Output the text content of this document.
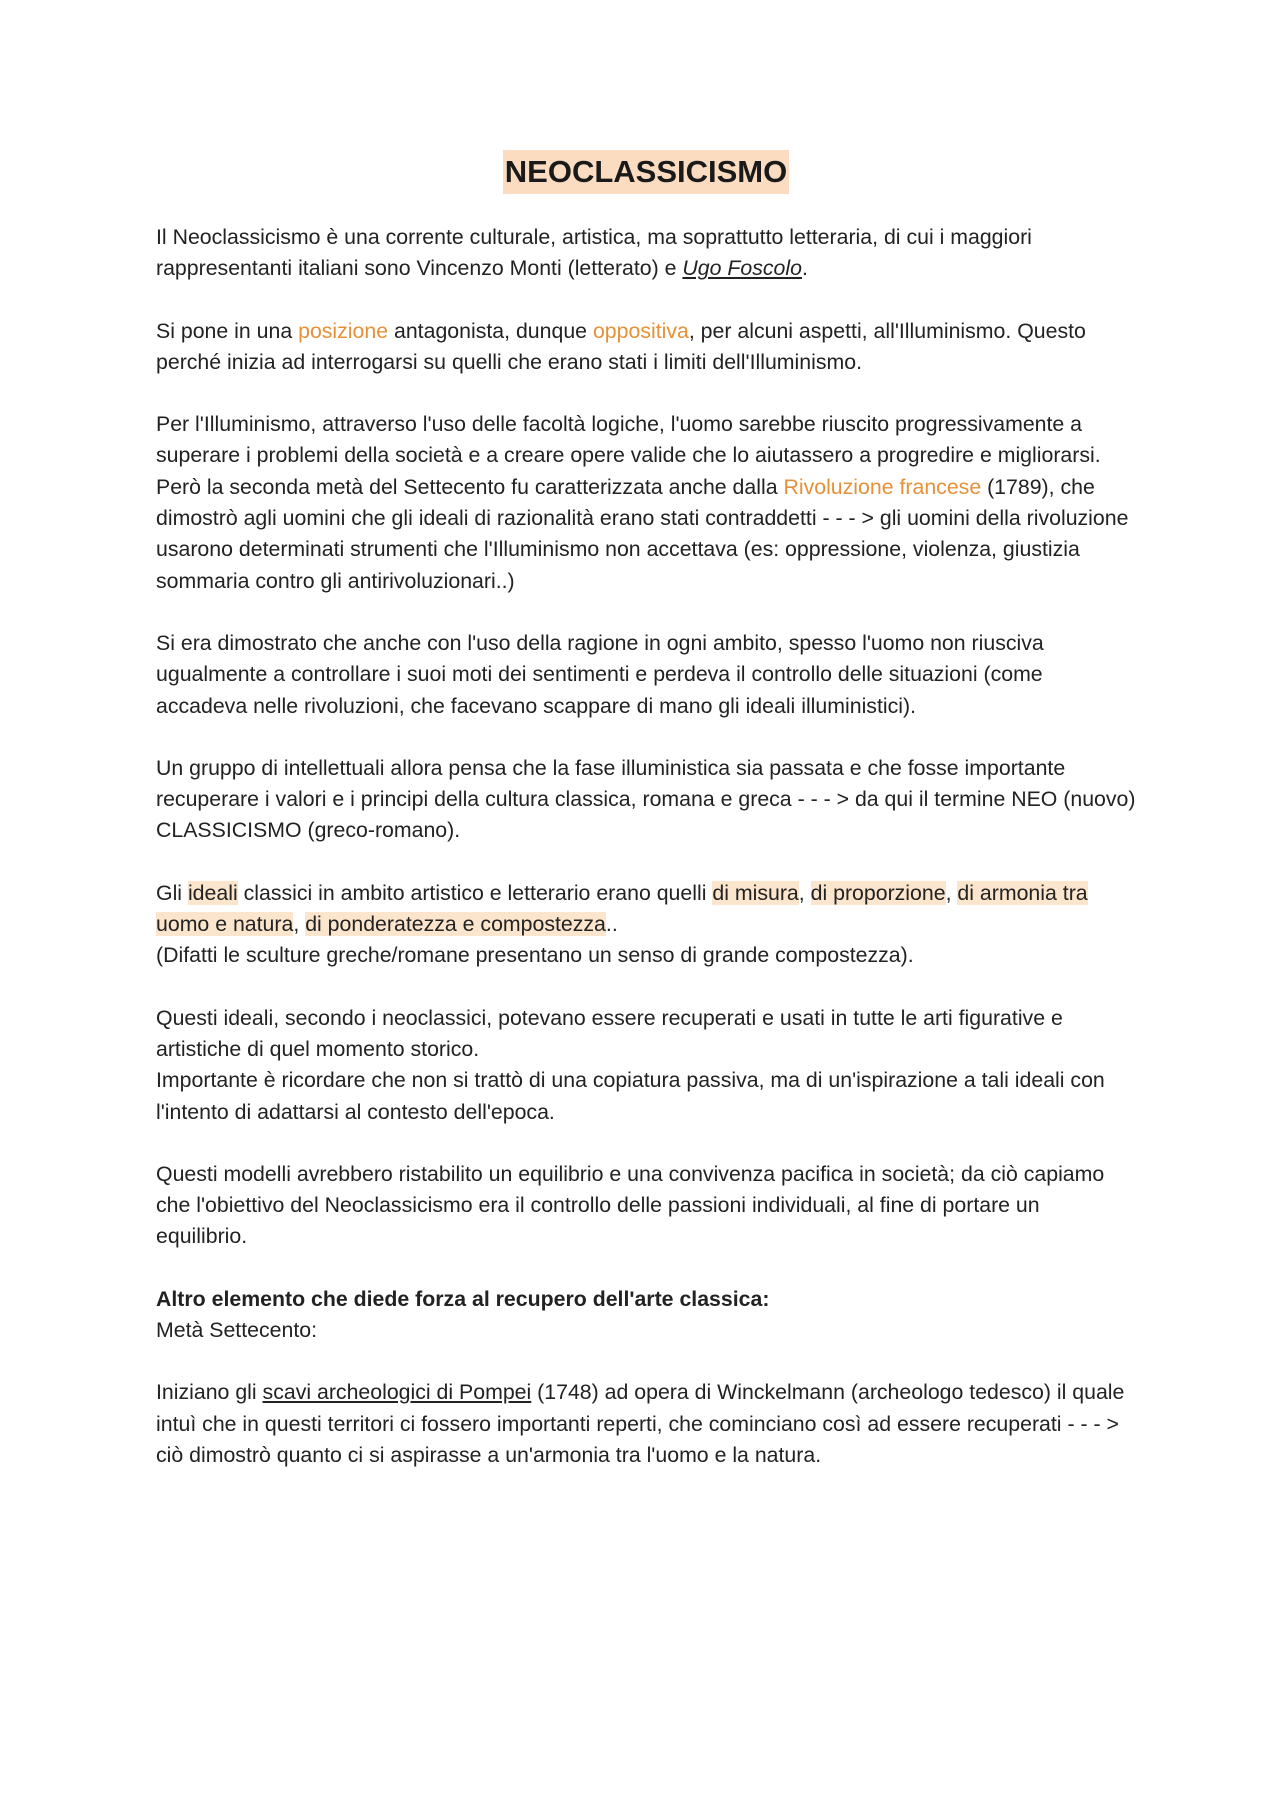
NEOCLASSICISMO

Il Neoclassicismo è una corrente culturale, artistica, ma soprattutto letteraria, di cui i maggiori rappresentanti italiani sono Vincenzo Monti (letterato) e Ugo Foscolo.

Si pone in una posizione antagonista, dunque oppositiva, per alcuni aspetti, all'Illuminismo. Questo perché inizia ad interrogarsi su quelli che erano stati i limiti dell'Illuminismo.

Per l'Illuminismo, attraverso l'uso delle facoltà logiche, l'uomo sarebbe riuscito progressivamente a superare i problemi della società e a creare opere valide che lo aiutassero a progredire e migliorarsi.

Però la seconda metà del Settecento fu caratterizzata anche dalla Rivoluzione francese (1789), che dimostrò agli uomini che gli ideali di razionalità erano stati contraddetti - - - > gli uomini della rivoluzione usarono determinati strumenti che l'Illuminismo non accettava (es: oppressione, violenza, giustizia sommaria contro gli antirivoluzionari..)

Si era dimostrato che anche con l'uso della ragione in ogni ambito, spesso l'uomo non riusciva ugualmente a controllare i suoi moti dei sentimenti e perdeva il controllo delle situazioni (come accadeva nelle rivoluzioni, che facevano scappare di mano gli ideali illuministici).

Un gruppo di intellettuali allora pensa che la fase illuministica sia passata e che fosse importante recuperare i valori e i principi della cultura classica, romana e greca - - - > da qui il termine NEO (nuovo) CLASSICISMO (greco-romano).

Gli ideali classici in ambito artistico e letterario erano quelli di misura, di proporzione, di armonia tra uomo e natura, di ponderatezza e compostezza..

(Difatti le sculture greche/romane presentano un senso di grande compostezza).

Questi ideali, secondo i neoclassici, potevano essere recuperati e usati in tutte le arti figurative e artistiche di quel momento storico.

Importante è ricordare che non si trattò di una copiatura passiva, ma di un'ispirazione a tali ideali con l'intento di adattarsi al contesto dell'epoca.

Questi modelli avrebbero ristabilito un equilibrio e una convivenza pacifica in società; da ciò capiamo che l'obiettivo del Neoclassicismo era il controllo delle passioni individuali, al fine di portare un equilibrio.

Altro elemento che diede forza al recupero dell'arte classica:

Metà Settecento:

Iniziano gli scavi archeologici di Pompei (1748) ad opera di Winckelmann (archeologo tedesco) il quale intuì che in questi territori ci fossero importanti reperti, che cominciano così ad essere recuperati - - - > ciò dimostrò quanto ci si aspirasse a un'armonia tra l'uomo e la natura.
